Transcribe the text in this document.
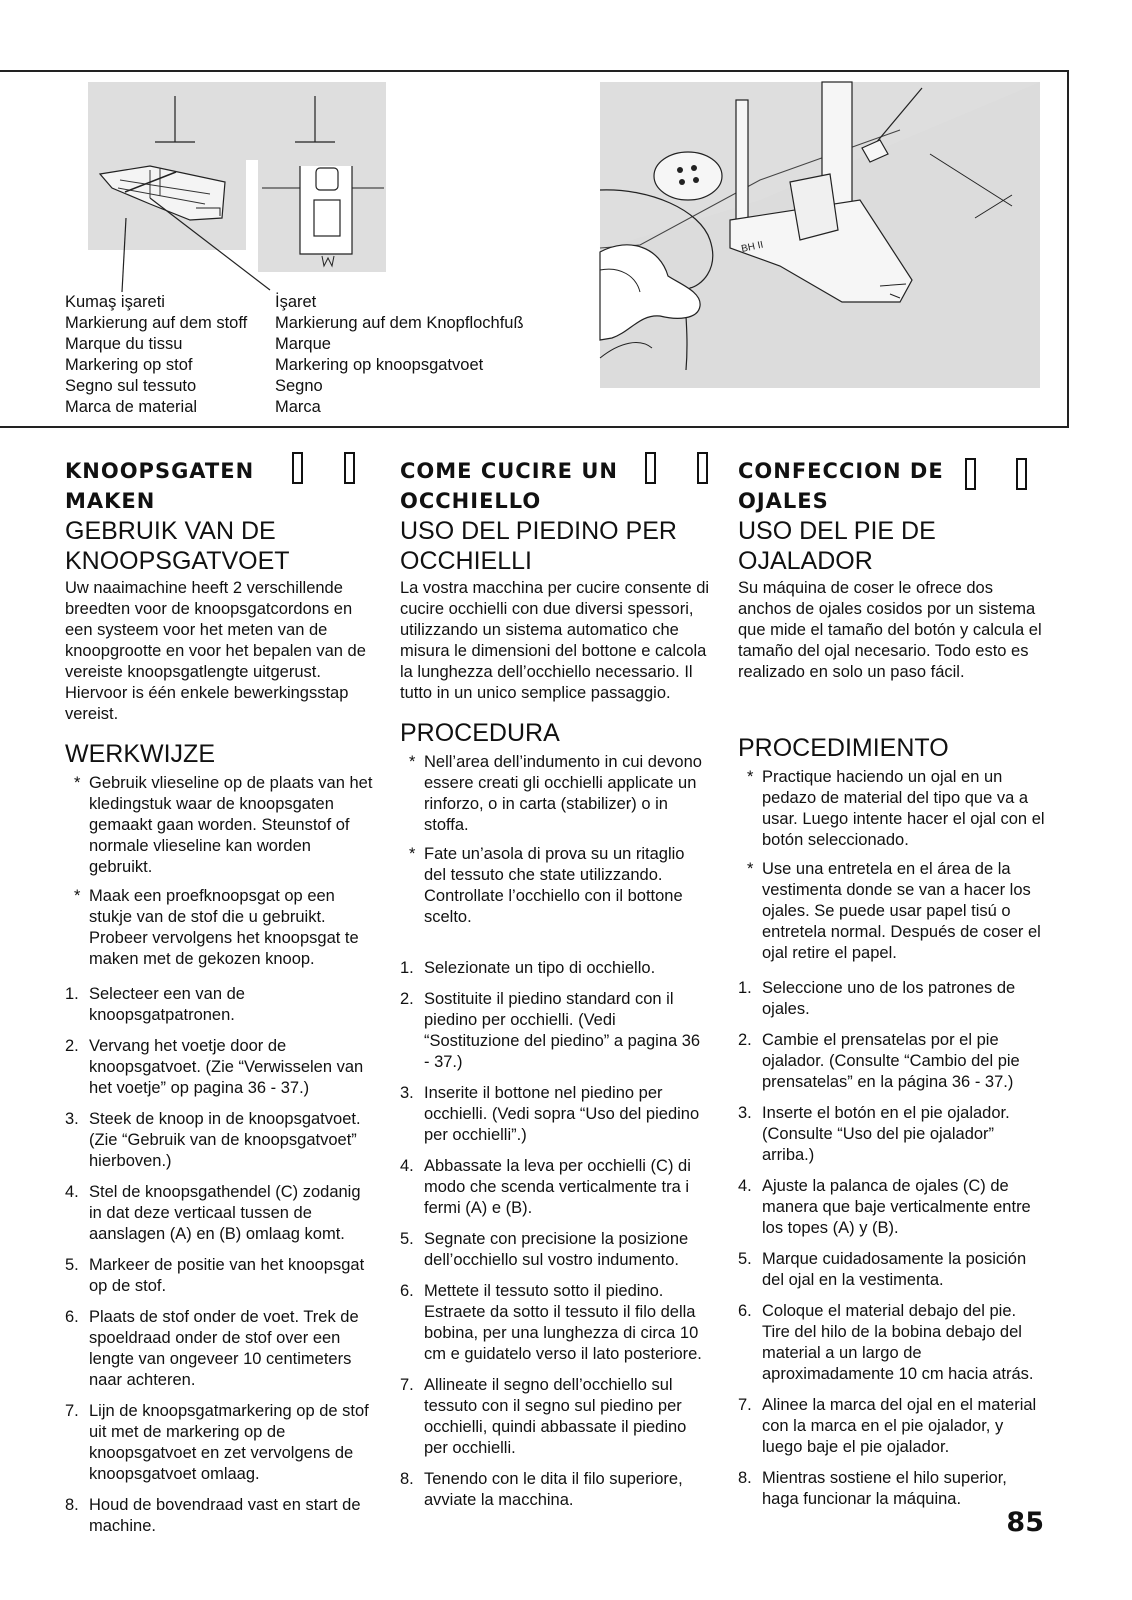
BH II
Kumaş işareti
Markierung auf dem stoff
Marque du tissu
Markering op stof
Segno sul tessuto
Marca de material
İşaret
Markierung auf dem Knopflochfuß
Marque
Markering op knoopsgatvoet
Segno
Marca
KNOOPSGATEN MAKEN
GEBRUIK VAN DE KNOOPSGATVOET

Uw naaimachine heeft 2 verschillende breedten voor de knoopsgatcordons en een systeem voor het meten van de knoopgrootte en voor het bepalen van de vereiste knoopsgatlengte uitgerust. Hiervoor is één enkele bewerkingsstap vereist.

WERKWIJZE
* Gebruik vlieseline op de plaats van het kledingstuk waar de knoopsgaten gemaakt gaan worden. Steunstof of normale vlieseline kan worden gebruikt.
* Maak een proefknoopsgat op een stukje van de stof die u gebruikt. Probeer vervolgens het knoopsgat te maken met de gekozen knoop.
1. Selecteer een van de knoopsgatpatronen.
2. Vervang het voetje door de knoopsgatvoet. (Zie “Verwisselen van het voetje” op pagina 36 - 37.)
3. Steek de knoop in de knoopsgatvoet. (Zie “Gebruik van de knoopsgatvoet” hierboven.)
4. Stel de knoopsgathendel (C) zodanig in dat deze verticaal tussen de aanslagen (A) en (B) omlaag komt.
5. Markeer de positie van het knoopsgat op de stof.
6. Plaats de stof onder de voet. Trek de spoeldraad onder de stof over een lengte van ongeveer 10 centimeters naar achteren.
7. Lijn de knoopsgatmarkering op de stof uit met de markering op de knoopsgatvoet en zet vervolgens de knoopsgatvoet omlaag.
8. Houd de bovendraad vast en start de machine.
COME CUCIRE UN OCCHIELLO
USO DEL PIEDINO PER OCCHIELLI

La vostra macchina per cucire consente di cucire occhielli con due diversi spessori, utilizzando un sistema automatico che misura le dimensioni del bottone e calcola la lunghezza dell’occhiello necessario. Il tutto in un unico semplice passaggio.

PROCEDURA
* Nell’area dell’indumento in cui devono essere creati gli occhielli applicate un rinforzo, o in carta (stabilizer) o in stoffa.
* Fate un’asola di prova su un ritaglio del tessuto che state utilizzando. Controllate l’occhiello con il bottone scelto.
1. Selezionate un tipo di occhiello.
2. Sostituite il piedino standard con il piedino per occhielli. (Vedi “Sostituzione del piedino” a pagina 36 - 37.)
3. Inserite il bottone nel piedino per occhielli. (Vedi sopra “Uso del piedino per occhielli”.)
4. Abbassate la leva per occhielli (C) di modo che scenda verticalmente tra i fermi (A) e (B).
5. Segnate con precisione la posizione dell’occhiello sul vostro indumento.
6. Mettete il tessuto sotto il piedino. Estraete da sotto il tessuto il filo della bobina, per una lunghezza di circa 10 cm e guidatelo verso il lato posteriore.
7. Allineate il segno dell’occhiello sul tessuto con il segno sul piedino per occhielli, quindi abbassate il piedino per occhielli.
8. Tenendo con le dita il filo superiore, avviate la macchina.
CONFECCION DE OJALES
USO DEL PIE DE OJALADOR

Su máquina de coser le ofrece dos anchos de ojales cosidos por un sistema que mide el tamaño del botón y calcula el tamaño del ojal necesario. Todo esto es realizado en solo un paso fácil.

PROCEDIMIENTO
* Practique haciendo un ojal en un pedazo de material del tipo que va a usar. Luego intente hacer el ojal con el botón seleccionado.
* Use una entretela en el área de la vestimenta donde se van a hacer los ojales. Se puede usar papel tisú o entretela normal. Después de coser el ojal retire el papel.
1. Seleccione uno de los patrones de ojales.
2. Cambie el prensatelas por el pie ojalador. (Consulte “Cambio del pie prensatelas” en la página 36 - 37.)
3. Inserte el botón en el pie ojalador. (Consulte “Uso del pie ojalador” arriba.)
4. Ajuste la palanca de ojales (C) de manera que baje verticalmente entre los topes (A) y (B).
5. Marque cuidadosamente la posición del ojal en la vestimenta.
6. Coloque el material debajo del pie. Tire del hilo de la bobina debajo del material a un largo de aproximadamente 10 cm hacia atrás.
7. Alinee la marca del ojal en el material con la marca en el pie ojalador, y luego baje el pie ojalador.
8. Mientras sostiene el hilo superior, haga funcionar la máquina.
85
